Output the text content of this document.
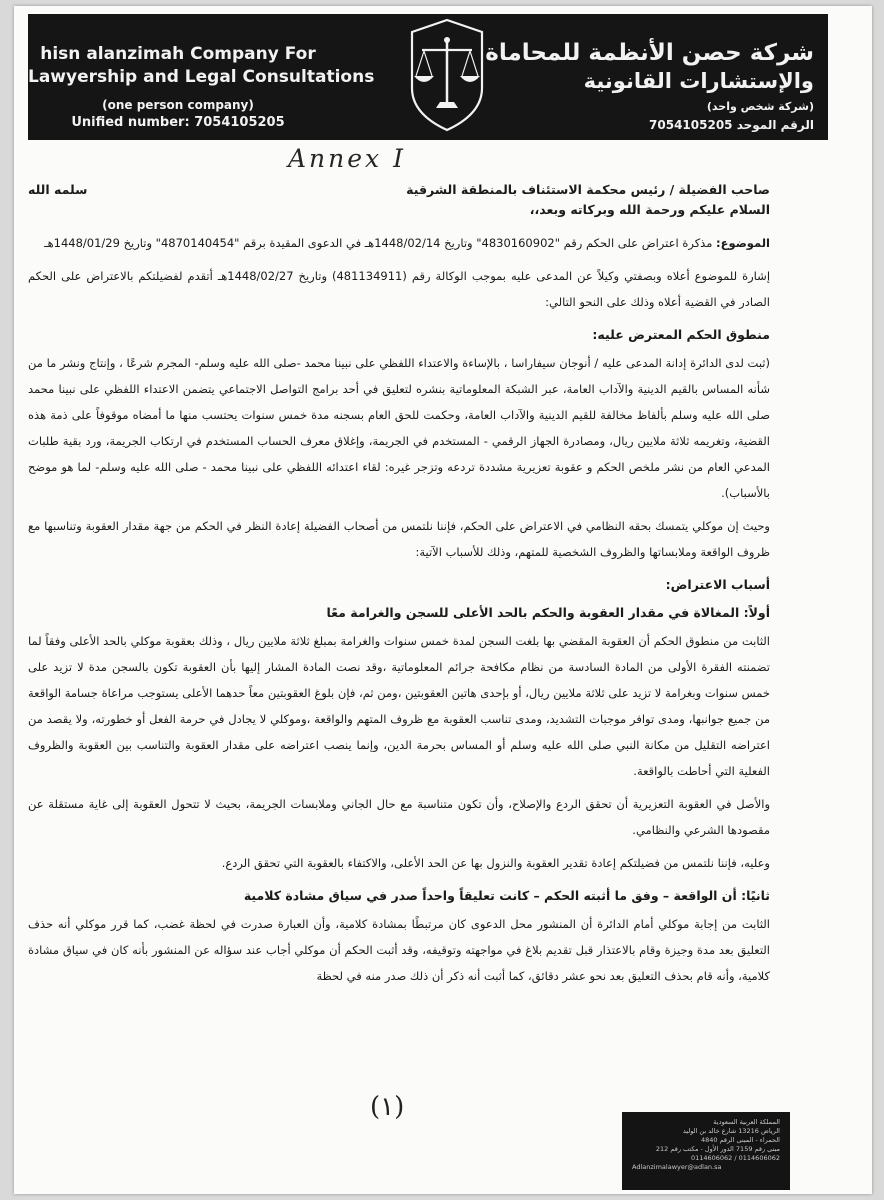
hisn alanzimah Company For
Lawyership and Legal Consultations
(one person company)
Unified number: 7054105205
شركة حصن الأنظمة للمحاماة
والإستشارات القانونية
(شركة شخص واحد)
الرقم الموحد 7054105205
Annex I
صاحب الفضيلة / رئيس محكمة الاستئناف بالمنطقة الشرقية
سلمه الله

السلام عليكم ورحمة الله وبركاته وبعد،،

الموضوع: مذكرة اعتراض على الحكم رقم "4830160902" وتاريخ 1448/02/14هـ في الدعوى المقيدة برقم "4870140454" وتاريخ 1448/01/29هـ

إشارة للموضوع أعلاه وبصفتي وكيلاً عن المدعى عليه بموجب الوكالة رقم (481134911) وتاريخ 1448/02/27هـ أتقدم لفضيلتكم بالاعتراض على الحكم الصادر في القضية أعلاه وذلك على النحو التالي:

منطوق الحكم المعترض عليه:

(ثبت لدى الدائرة إدانة المدعى عليه / أنوجان سيفاراسا ، بالإساءة والاعتداء اللفظي على نبينا محمد -صلى الله عليه وسلم- المجرم شرعًا ، وإنتاج ونشر ما من شأنه المساس بالقيم الدينية والآداب العامة، عبر الشبكة المعلوماتية بنشره لتعليق في أحد برامج التواصل الاجتماعي يتضمن الاعتداء اللفظي على نبينا محمد صلى الله عليه وسلم بألفاظ مخالفة للقيم الدينية والآداب العامة، وحكمت للحق العام بسجنه مدة خمس سنوات يحتسب منها ما أمضاه موقوفاً على ذمة هذه القضية، وتغريمه ثلاثة ملايين ريال، ومصادرة الجهاز الرقمي - المستخدم في الجريمة، وإغلاق معرف الحساب المستخدم في ارتكاب الجريمة، ورد بقية طلبات المدعي العام من نشر ملخص الحكم و عقوبة تعزيرية مشددة تردعه وتزجر غيره: لقاء اعتدائه اللفظي على نبينا محمد - صلى الله عليه وسلم- لما هو موضح بالأسباب).

وحيث إن موكلي يتمسك بحقه النظامي في الاعتراض على الحكم، فإننا نلتمس من أصحاب الفضيلة إعادة النظر في الحكم من جهة مقدار العقوبة وتناسبها مع ظروف الواقعة وملابساتها والظروف الشخصية للمتهم، وذلك للأسباب الآتية:

أسباب الاعتراض:

أولاً: المغالاة في مقدار العقوبة والحكم بالحد الأعلى للسجن والغرامة معًا

الثابت من منطوق الحكم أن العقوبة المقضي بها بلغت السجن لمدة خمس سنوات والغرامة بمبلغ ثلاثة ملايين ريال ، وذلك بعقوبة موكلي بالحد الأعلى وفقاً لما تضمنته الفقرة الأولى من المادة السادسة من نظام مكافحة جرائم المعلوماتية ،وقد نصت المادة المشار إليها بأن العقوبة تكون بالسجن مدة لا تزيد على خمس سنوات وبغرامة لا تزيد على ثلاثة ملايين ريال، أو بإحدى هاتين العقوبتين ،ومن ثم، فإن بلوغ العقوبتين معاً حدهما الأعلى يستوجب مراعاة جسامة الواقعة من جميع جوانبها، ومدى توافر موجبات التشديد، ومدى تناسب العقوبة مع ظروف المتهم والواقعة ،وموكلي لا يجادل في حرمة الفعل أو خطورته، ولا يقصد من اعتراضه التقليل من مكانة النبي صلى الله عليه وسلم أو المساس بحرمة الدين، وإنما ينصب اعتراضه على مقدار العقوبة والتناسب بين العقوبة والظروف الفعلية التي أحاطت بالواقعة.

والأصل في العقوبة التعزيرية أن تحقق الردع والإصلاح، وأن تكون متناسبة مع حال الجاني وملابسات الجريمة، بحيث لا تتحول العقوبة إلى غاية مستقلة عن مقصودها الشرعي والنظامي.

وعليه، فإننا نلتمس من فضيلتكم إعادة تقدير العقوبة والنزول بها عن الحد الأعلى، والاكتفاء بالعقوبة التي تحقق الردع.

ثانيًا: أن الواقعة – وفق ما أثبته الحكم – كانت تعليقاً واحداً صدر في سياق مشادة كلامية

الثابت من إجابة موكلي أمام الدائرة أن المنشور محل الدعوى كان مرتبطًا بمشادة كلامية، وأن العبارة صدرت في لحظة غضب، كما قرر موكلي أنه حذف التعليق بعد مدة وجيزة وقام بالاعتذار قبل تقديم بلاغ في مواجهته وتوقيفه، وقد أثبت الحكم أن موكلي أجاب عند سؤاله عن المنشور بأنه كان في سياق مشادة كلامية، وأنه قام بحذف التعليق بعد نحو عشر دقائق، كما أثبت أنه ذكر أن ذلك صدر منه في لحظة

(١)	المملكة العربية السعودية
الرياض 13216 شارع خالد بن الوليد
الحمراء - المبنى الرقم 4840
مبنى رقم 7159 الدور الأول - مكتب رقم 212
0114606062 / 0114606062
Adlanzimalawyer@adlan.sa
